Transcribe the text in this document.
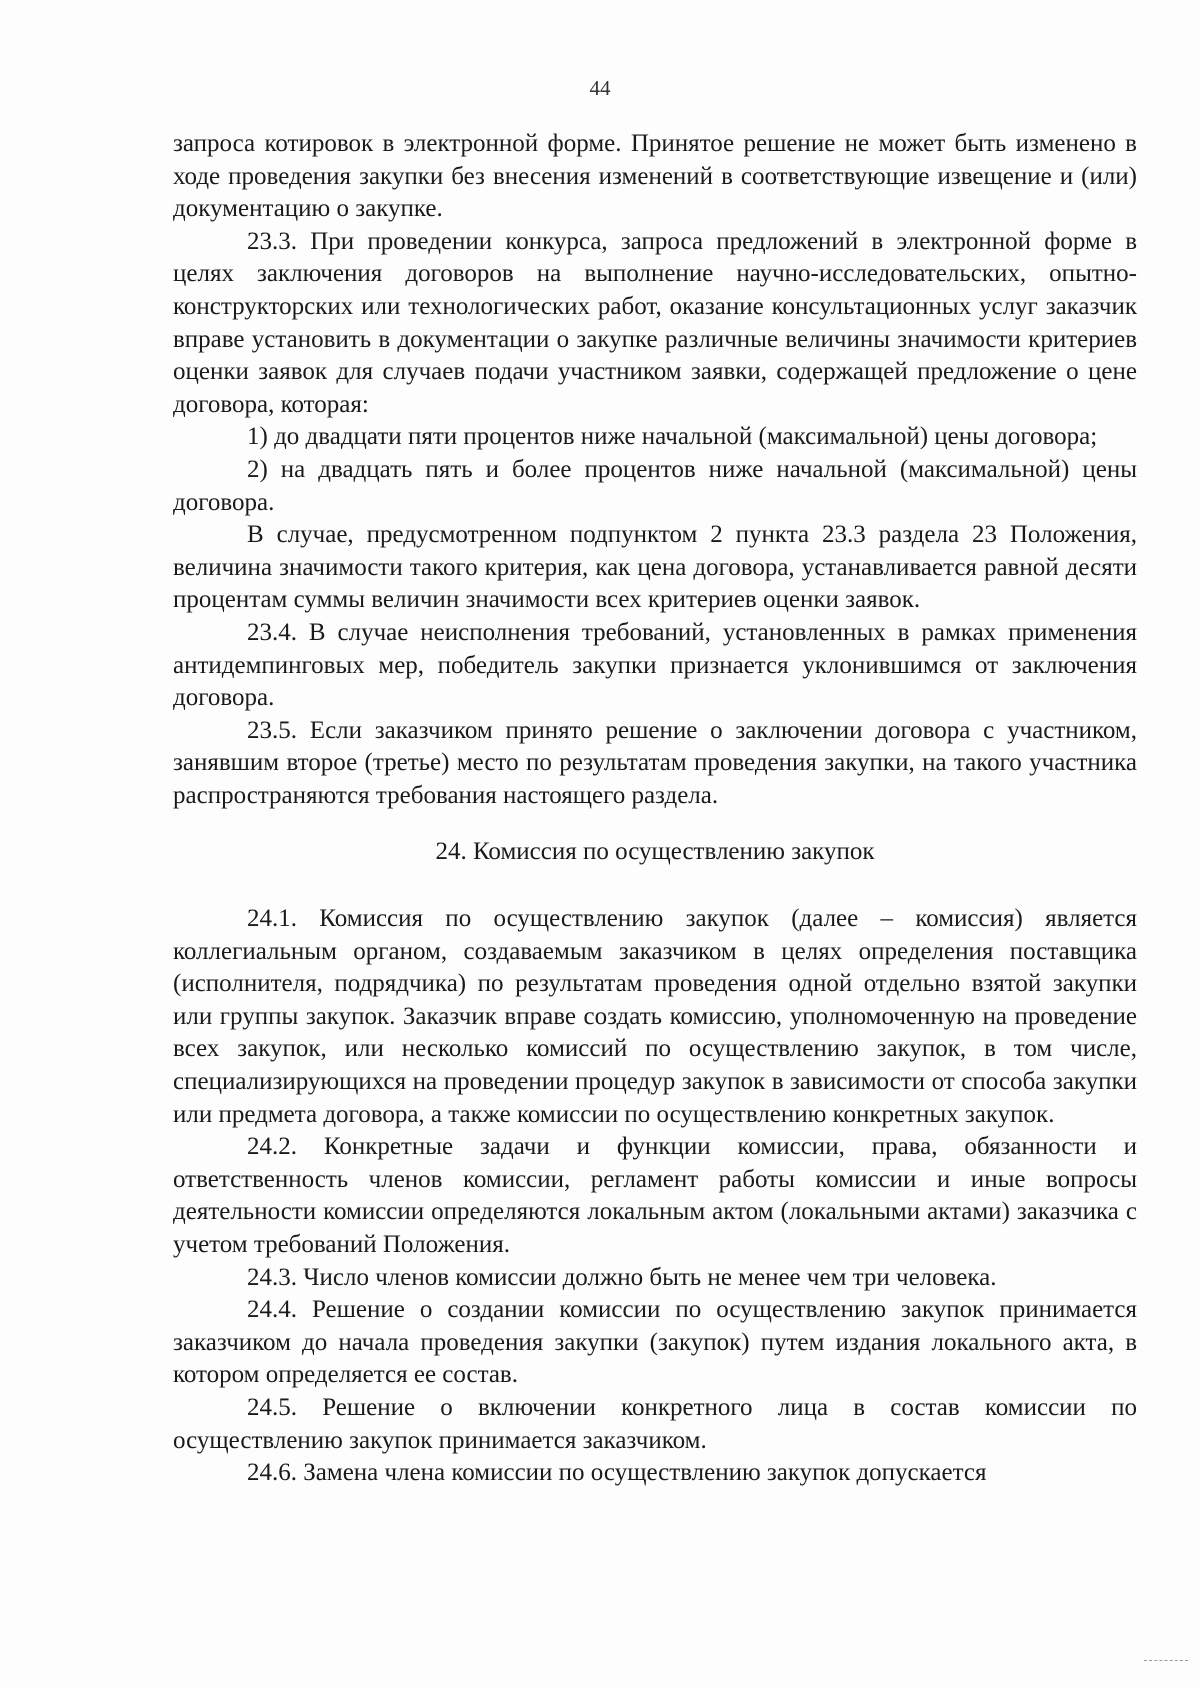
44

запроса котировок в электронной форме. Принятое решение не может быть изменено в ходе проведения закупки без внесения изменений в соответствующие извещение и (или) документацию о закупке.

23.3. При проведении конкурса, запроса предложений в электронной форме в целях заключения договоров на выполнение научно-исследовательских, опытно-конструкторских или технологических работ, оказание консультационных услуг заказчик вправе установить в документации о закупке различные величины значимости критериев оценки заявок для случаев подачи участником заявки, содержащей предложение о цене договора, которая:

1) до двадцати пяти процентов ниже начальной (максимальной) цены договора;

2) на двадцать пять и более процентов ниже начальной (максимальной) цены договора.

В случае, предусмотренном подпунктом 2 пункта 23.3 раздела 23 Положения, величина значимости такого критерия, как цена договора, устанавливается равной десяти процентам суммы величин значимости всех критериев оценки заявок.

23.4. В случае неисполнения требований, установленных в рамках применения антидемпинговых мер, победитель закупки признается уклонившимся от заключения договора.

23.5. Если заказчиком принято решение о заключении договора с участником, занявшим второе (третье) место по результатам проведения закупки, на такого участника распространяются требования настоящего раздела.

24. Комиссия по осуществлению закупок

24.1. Комиссия по осуществлению закупок (далее – комиссия) является коллегиальным органом, создаваемым заказчиком в целях определения поставщика (исполнителя, подрядчика) по результатам проведения одной отдельно взятой закупки или группы закупок. Заказчик вправе создать комиссию, уполномоченную на проведение всех закупок, или несколько комиссий по осуществлению закупок, в том числе, специализирующихся на проведении процедур закупок в зависимости от способа закупки или предмета договора, а также комиссии по осуществлению конкретных закупок.

24.2. Конкретные задачи и функции комиссии, права, обязанности и ответственность членов комиссии, регламент работы комиссии и иные вопросы деятельности комиссии определяются локальным актом (локальными актами) заказчика с учетом требований Положения.

24.3. Число членов комиссии должно быть не менее чем три человека.

24.4. Решение о создании комиссии по осуществлению закупок принимается заказчиком до начала проведения закупки (закупок) путем издания локального акта, в котором определяется ее состав.

24.5. Решение о включении конкретного лица в состав комиссии по осуществлению закупок принимается заказчиком.

24.6. Замена члена комиссии по осуществлению закупок допускается
